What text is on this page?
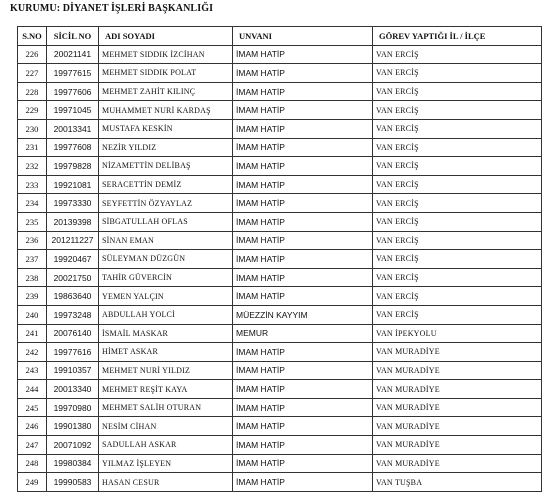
KURUMU: DİYANET İŞLERİ BAŞKANLIĞI
S.NO	SİCİL NO	ADI SOYADI	UNVANI	GÖREV YAPTIĞI İL / İLÇE
226	20021141	MEHMET SIDDIK İZCİHAN	İMAM HATİP	VAN ERCİŞ
227	19977615	MEHMET SIDDIK POLAT	İMAM HATİP	VAN ERCİŞ
228	19977606	MEHMET ZAHİT KILINÇ	İMAM HATİP	VAN ERCİŞ
229	19971045	MUHAMMET NURİ KARDAŞ	İMAM HATİP	VAN ERCİŞ
230	20013341	MUSTAFA KESKİN	İMAM HATİP	VAN ERCİŞ
231	19977608	NEZİR YILDIZ	İMAM HATİP	VAN ERCİŞ
232	19979828	NİZAMETTİN DELİBAŞ	İMAM HATİP	VAN ERCİŞ
233	19921081	SERACETTİN DEMİZ	İMAM HATİP	VAN ERCİŞ
234	19973330	SEYFETTİN ÖZYAYLAZ	İMAM HATİP	VAN ERCİŞ
235	20139398	SİBGATULLAH OFLAS	İMAM HATİP	VAN ERCİŞ
236	201211227	SİNAN EMAN	İMAM HATİP	VAN ERCİŞ
237	19920467	SÜLEYMAN DÜZGÜN	İMAM HATİP	VAN ERCİŞ
238	20021750	TAHİR GÜVERCİN	İMAM HATİP	VAN ERCİŞ
239	19863640	YEMEN YALÇIN	İMAM HATİP	VAN ERCİŞ
240	19973248	ABDULLAH YOLCİ	MÜEZZİN KAYYIM	VAN ERCİŞ
241	20076140	İSMAİL MASKAR	MEMUR	VAN İPEKYOLU
242	19977616	HİMET ASKAR	İMAM HATİP	VAN MURADİYE
243	19910357	MEHMET NURİ YILDIZ	İMAM HATİP	VAN MURADİYE
244	20013340	MEHMET REŞİT KAYA	İMAM HATİP	VAN MURADİYE
245	19970980	MEHMET SALİH OTURAN	İMAM HATİP	VAN MURADİYE
246	19901380	NESİM CİHAN	İMAM HATİP	VAN MURADİYE
247	20071092	SADULLAH ASKAR	İMAM HATİP	VAN MURADİYE
248	19980384	YILMAZ İŞLEYEN	İMAM HATİP	VAN MURADİYE
249	19990583	HASAN CESUR	İMAM HATİP	VAN TUŞBA
